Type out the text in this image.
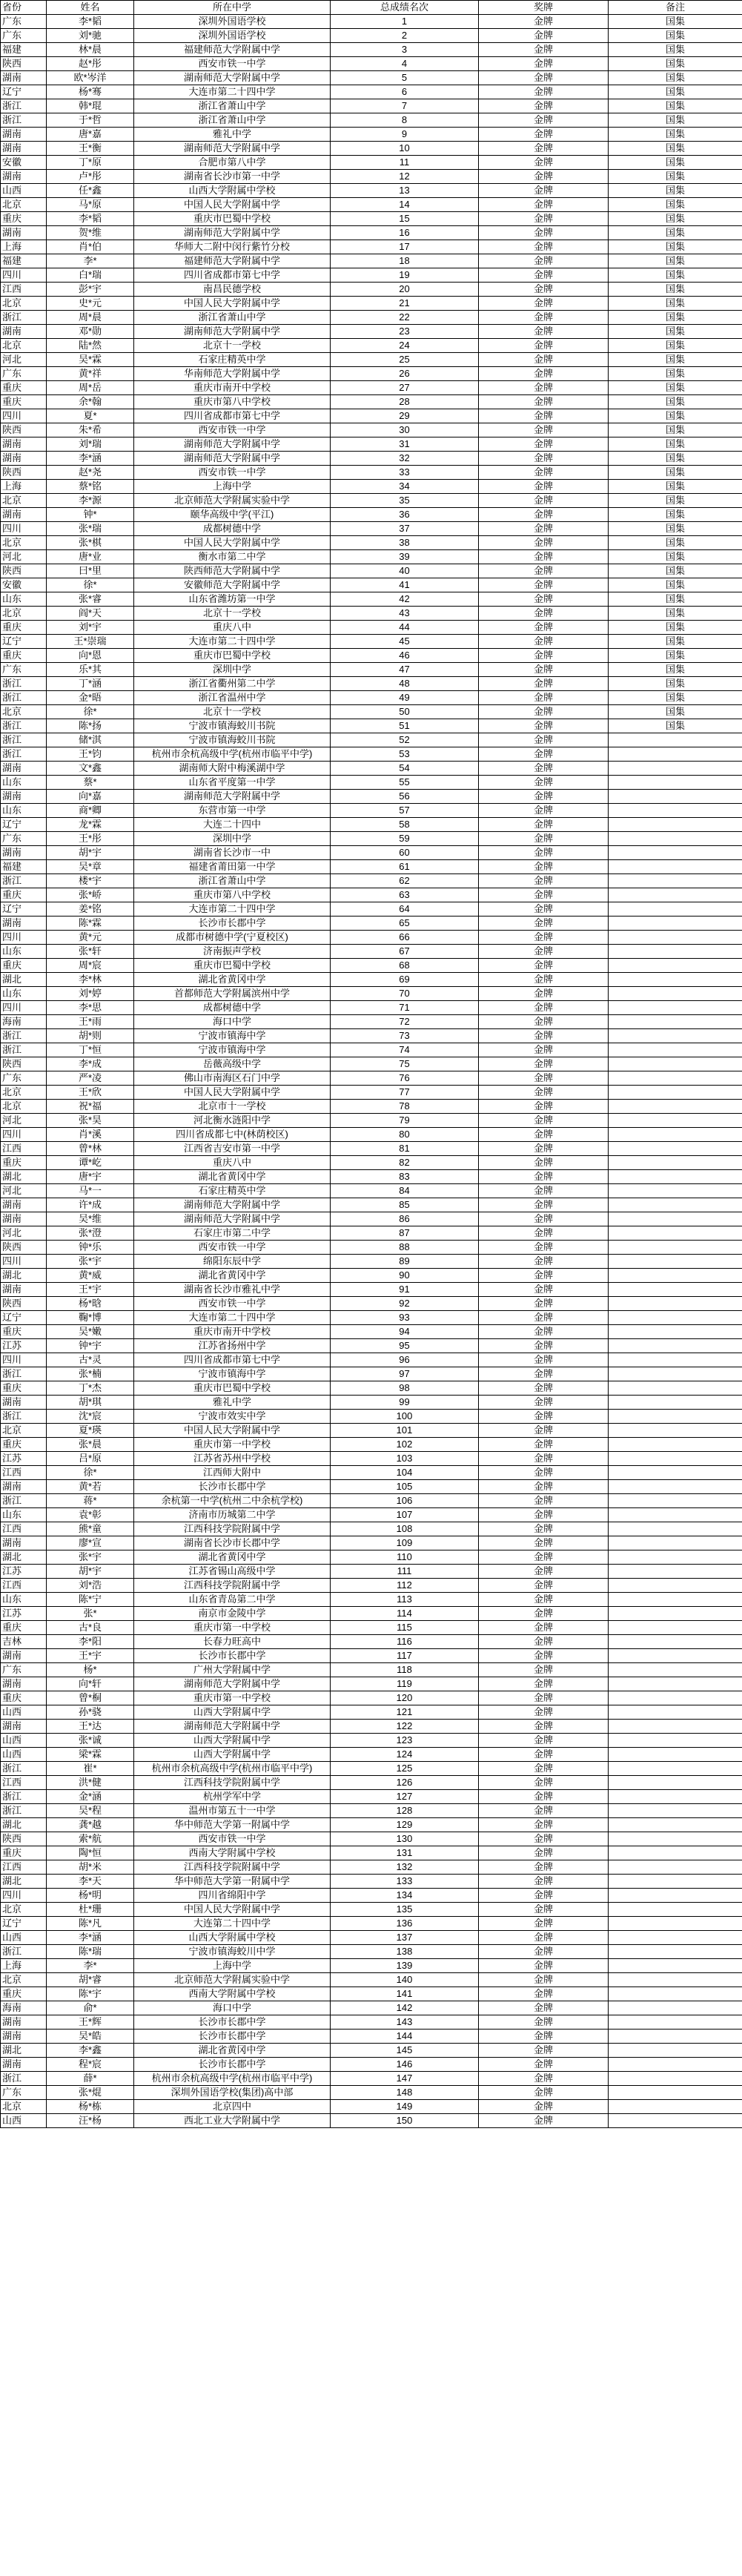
省份	姓名	所在中学	总成绩名次	奖牌	备注
广东	李*韬	深圳外国语学校	1	金牌	国集
广东	刘*驰	深圳外国语学校	2	金牌	国集
福建	林*晨	福建师范大学附属中学	3	金牌	国集
陕西	赵*彤	西安市铁一中学	4	金牌	国集
湖南	欧*岑洋	湖南师范大学附属中学	5	金牌	国集
辽宁	杨*骞	大连市第二十四中学	6	金牌	国集
浙江	韩*琨	浙江省萧山中学	7	金牌	国集
浙江	于*哲	浙江省萧山中学	8	金牌	国集
湖南	唐*嘉	雅礼中学	9	金牌	国集
湖南	王*衡	湖南师范大学附属中学	10	金牌	国集
安徽	丁*原	合肥市第八中学	11	金牌	国集
湖南	卢*彤	湖南省长沙市第一中学	12	金牌	国集
山西	任*鑫	山西大学附属中学校	13	金牌	国集
北京	马*原	中国人民大学附属中学	14	金牌	国集
重庆	李*韬	重庆市巴蜀中学校	15	金牌	国集
湖南	贺*维	湖南师范大学附属中学	16	金牌	国集
上海	肖*伯	华师大二附中闵行紫竹分校	17	金牌	国集
福建	李*	福建师范大学附属中学	18	金牌	国集
四川	白*瑞	四川省成都市第七中学	19	金牌	国集
江西	彭*宇	南昌民德学校	20	金牌	国集
北京	史*元	中国人民大学附属中学	21	金牌	国集
浙江	周*晨	浙江省萧山中学	22	金牌	国集
湖南	邓*勋	湖南师范大学附属中学	23	金牌	国集
北京	陆*然	北京十一学校	24	金牌	国集
河北	吴*霖	石家庄精英中学	25	金牌	国集
广东	黄*祥	华南师范大学附属中学	26	金牌	国集
重庆	周*岳	重庆市南开中学校	27	金牌	国集
重庆	余*翰	重庆市第八中学校	28	金牌	国集
四川	夏*	四川省成都市第七中学	29	金牌	国集
陕西	朱*希	西安市铁一中学	30	金牌	国集
湖南	刘*瑞	湖南师范大学附属中学	31	金牌	国集
湖南	李*涵	湖南师范大学附属中学	32	金牌	国集
陕西	赵*尧	西安市铁一中学	33	金牌	国集
上海	蔡*铭	上海中学	34	金牌	国集
北京	李*源	北京师范大学附属实验中学	35	金牌	国集
湖南	钟*	颐华高级中学(平江)	36	金牌	国集
四川	张*瑞	成都树德中学	37	金牌	国集
北京	张*棋	中国人民大学附属中学	38	金牌	国集
河北	唐*业	衡水市第二中学	39	金牌	国集
陕西	曰*里	陕西师范大学附属中学	40	金牌	国集
安徽	徐*	安徽师范大学附属中学	41	金牌	国集
山东	张*睿	山东省潍坊第一中学	42	金牌	国集
北京	阎*天	北京十一学校	43	金牌	国集
重庆	刘*宇	重庆八中	44	金牌	国集
辽宁	王*崇瑞	大连市第二十四中学	45	金牌	国集
重庆	向*恩	重庆市巴蜀中学校	46	金牌	国集
广东	乐*其	深圳中学	47	金牌	国集
浙江	丁*涵	浙江省衢州第二中学	48	金牌	国集
浙江	金*晤	浙江省温州中学	49	金牌	国集
北京	徐*	北京十一学校	50	金牌	国集
浙江	陈*扬	宁波市镇海蛟川书院	51	金牌	国集
浙江	储*淇	宁波市镇海蛟川书院	52	金牌	
浙江	王*钧	杭州市余杭高级中学(杭州市临平中学)	53	金牌	
湖南	文*鑫	湖南师大附中梅溪湖中学	54	金牌	
山东	蔡*	山东省平度第一中学	55	金牌	
湖南	向*嘉	湖南师范大学附属中学	56	金牌	
山东	商*卿	东营市第一中学	57	金牌	
辽宁	龙*霖	大连二十四中	58	金牌	
广东	王*彤	深圳中学	59	金牌	
湖南	胡*宇	湖南省长沙市一中	60	金牌	
福建	吴*章	福建省莆田第一中学	61	金牌	
浙江	楼*宇	浙江省萧山中学	62	金牌	
重庆	张*峤	重庆市第八中学校	63	金牌	
辽宁	姜*铭	大连市第二十四中学	64	金牌	
湖南	陈*霖	长沙市长郡中学	65	金牌	
四川	黄*元	成都市树德中学(宁夏校区)	66	金牌	
山东	张*轩	济南振声学校	67	金牌	
重庆	周*宸	重庆市巴蜀中学校	68	金牌	
湖北	李*林	湖北省黄冈中学	69	金牌	
山东	刘*婷	首都师范大学附属滨州中学	70	金牌	
四川	李*思	成都树德中学	71	金牌	
海南	王*雨	海口中学	72	金牌	
浙江	胡*则	宁波市镇海中学	73	金牌	
浙江	丁*恒	宁波市镇海中学	74	金牌	
陕西	李*成	岳薇高级中学	75	金牌	
广东	严*凌	佛山市南海区石门中学	76	金牌	
北京	王*欣	中国人民大学附属中学	77	金牌	
北京	祝*福	北京市十一学校	78	金牌	
河北	张*昊	河北衡水涟阳中学	79	金牌	
四川	肖*溪	四川省成都七中(林荫校区)	80	金牌	
江西	曾*林	江西省吉安市第一中学	81	金牌	
重庆	谭*屹	重庆八中	82	金牌	
湖北	唐*宇	湖北省黄冈中学	83	金牌	
河北	马*一	石家庄精英中学	84	金牌	
湖南	许*成	湖南师范大学附属中学	85	金牌	
湖南	吴*维	湖南师范大学附属中学	86	金牌	
河北	张*澄	石家庄市第二中学	87	金牌	
陕西	钟*乐	西安市铁一中学	88	金牌	
四川	张*宇	绵阳东辰中学	89	金牌	
湖北	黄*威	湖北省黄冈中学	90	金牌	
湖南	王*宇	湖南省长沙市雅礼中学	91	金牌	
陕西	杨*晗	西安市铁一中学	92	金牌	
辽宁	鞠*博	大连市第二十四中学	93	金牌	
重庆	吴*嫩	重庆市南开中学校	94	金牌	
江苏	钟*宇	江苏省扬州中学	95	金牌	
四川	古*灵	四川省成都市第七中学	96	金牌	
浙江	张*楠	宁波市镇海中学	97	金牌	
重庆	丁*杰	重庆市巴蜀中学校	98	金牌	
湖南	胡*琪	雅礼中学	99	金牌	
浙江	沈*宸	宁波市效实中学	100	金牌	
北京	夏*瑛	中国人民大学附属中学	101	金牌	
重庆	张*晨	重庆市第一中学校	102	金牌	
江苏	吕*原	江苏省苏州中学校	103	金牌	
江西	徐*	江西师大附中	104	金牌	
湖南	黄*若	长沙市长郡中学	105	金牌	
浙江	蒋*	余杭第一中学(杭州二中余杭学校)	106	金牌	
山东	袁*彰	济南市历城第二中学	107	金牌	
江西	熊*童	江西科技学院附属中学	108	金牌	
湖南	廖*宣	湖南省长沙市长郡中学	109	金牌	
湖北	张*宇	湖北省黄冈中学	110	金牌	
江苏	胡*宇	江苏省锡山高级中学	111	金牌	
江西	刘*浩	江西科技学院附属中学	112	金牌	
山东	陈*宁	山东省青岛第二中学	113	金牌	
江苏	张*	南京市金陵中学	114	金牌	
重庆	古*良	重庆市第一中学校	115	金牌	
吉林	李*阳	长春力旺高中	116	金牌	
湖南	王*宇	长沙市长郡中学	117	金牌	
广东	杨*	广州大学附属中学	118	金牌	
湖南	向*轩	湖南师范大学附属中学	119	金牌	
重庆	曾*桐	重庆市第一中学校	120	金牌	
山西	孙*骁	山西大学附属中学	121	金牌	
湖南	王*达	湖南师范大学附属中学	122	金牌	
山西	张*诚	山西大学附属中学	123	金牌	
山西	梁*霖	山西大学附属中学	124	金牌	
浙江	崔*	杭州市余杭高级中学(杭州市临平中学)	125	金牌	
江西	洪*健	江西科技学院附属中学	126	金牌	
浙江	金*涵	杭州学军中学	127	金牌	
浙江	吴*程	温州市第五十一中学	128	金牌	
湖北	龚*越	华中师范大学第一附属中学	129	金牌	
陕西	索*航	西安市铁一中学	130	金牌	
重庆	陶*恒	西南大学附属中学校	131	金牌	
江西	胡*米	江西科技学院附属中学	132	金牌	
湖北	李*天	华中师范大学第一附属中学	133	金牌	
四川	杨*明	四川省绵阳中学	134	金牌	
北京	杜*珊	中国人民大学附属中学	135	金牌	
辽宁	陈*凡	大连第二十四中学	136	金牌	
山西	李*涵	山西大学附属中学校	137	金牌	
浙江	陈*瑞	宁波市镇海蛟川中学	138	金牌	
上海	李*	上海中学	139	金牌	
北京	胡*睿	北京师范大学附属实验中学	140	金牌	
重庆	陈*宇	西南大学附属中学校	141	金牌	
海南	俞*	海口中学	142	金牌	
湖南	王*辉	长沙市长郡中学	143	金牌	
湖南	吴*皓	长沙市长郡中学	144	金牌	
湖北	李*鑫	湖北省黄冈中学	145	金牌	
湖南	程*宸	长沙市长郡中学	146	金牌	
浙江	薛*	杭州市余杭高级中学(杭州市临平中学)	147	金牌	
广东	张*焜	深圳外国语学校(集团)高中部	148	金牌	
北京	杨*栋	北京四中	149	金牌	
山西	汪*杨	西北工业大学附属中学	150	金牌	
